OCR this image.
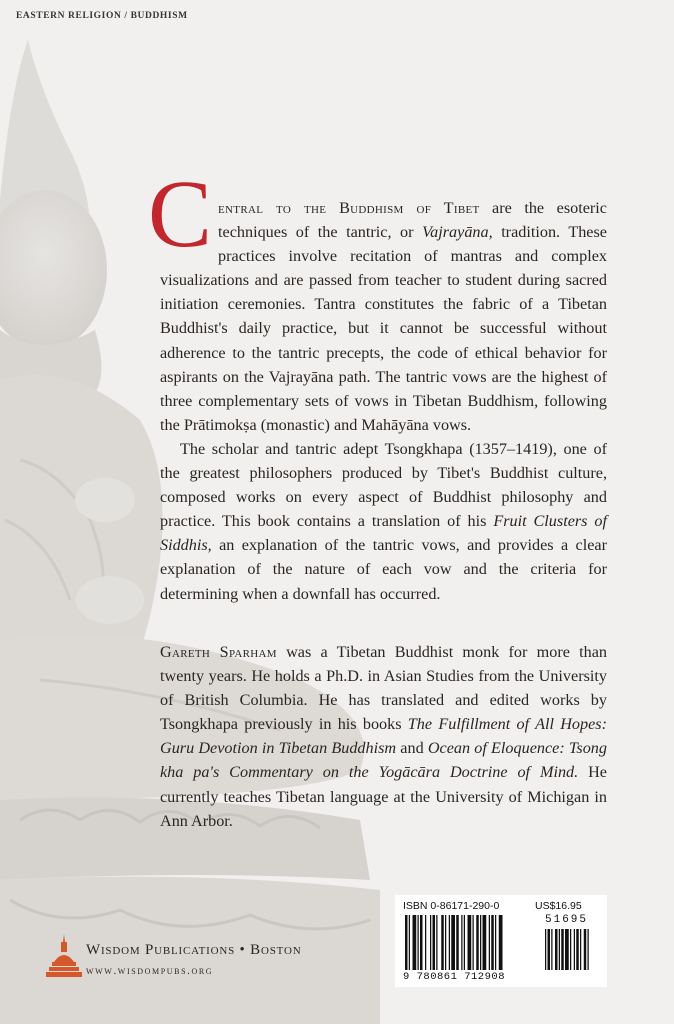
EASTERN RELIGION / BUDDHISM

Central to the Buddhism of Tibet are the esoteric techniques of the tantric, or Vajrayāna, tradition. These practices involve recitation of mantras and complex visualizations and are passed from teacher to student during sacred initiation ceremonies. Tantra constitutes the fabric of a Tibetan Buddhist's daily practice, but it cannot be successful without adherence to the tantric precepts, the code of ethical behavior for aspirants on the Vajrayāna path. The tantric vows are the highest of three complementary sets of vows in Tibetan Buddhism, following the Prātimokṣa (monastic) and Mahāyāna vows.

The scholar and tantric adept Tsongkhapa (1357–1419), one of the greatest philosophers produced by Tibet's Buddhist culture, composed works on every aspect of Buddhist philosophy and practice. This book contains a translation of his Fruit Clusters of Siddhis, an explanation of the tantric vows, and provides a clear explanation of the nature of each vow and the criteria for determining when a downfall has occurred.

Gareth Sparham was a Tibetan Buddhist monk for more than twenty years. He holds a Ph.D. in Asian Studies from the University of British Columbia. He has translated and edited works by Tsongkhapa previously in his books The Fulfillment of All Hopes: Guru Devotion in Tibetan Buddhism and Ocean of Eloquence: Tsong kha pa's Commentary on the Yogācāra Doctrine of Mind. He currently teaches Tibetan language at the University of Michigan in Ann Arbor.

Wisdom Publications • Boston
www.wisdompubs.org
ISBN 0-86171-290-0	US$16.95
51695
9 780861 712908
